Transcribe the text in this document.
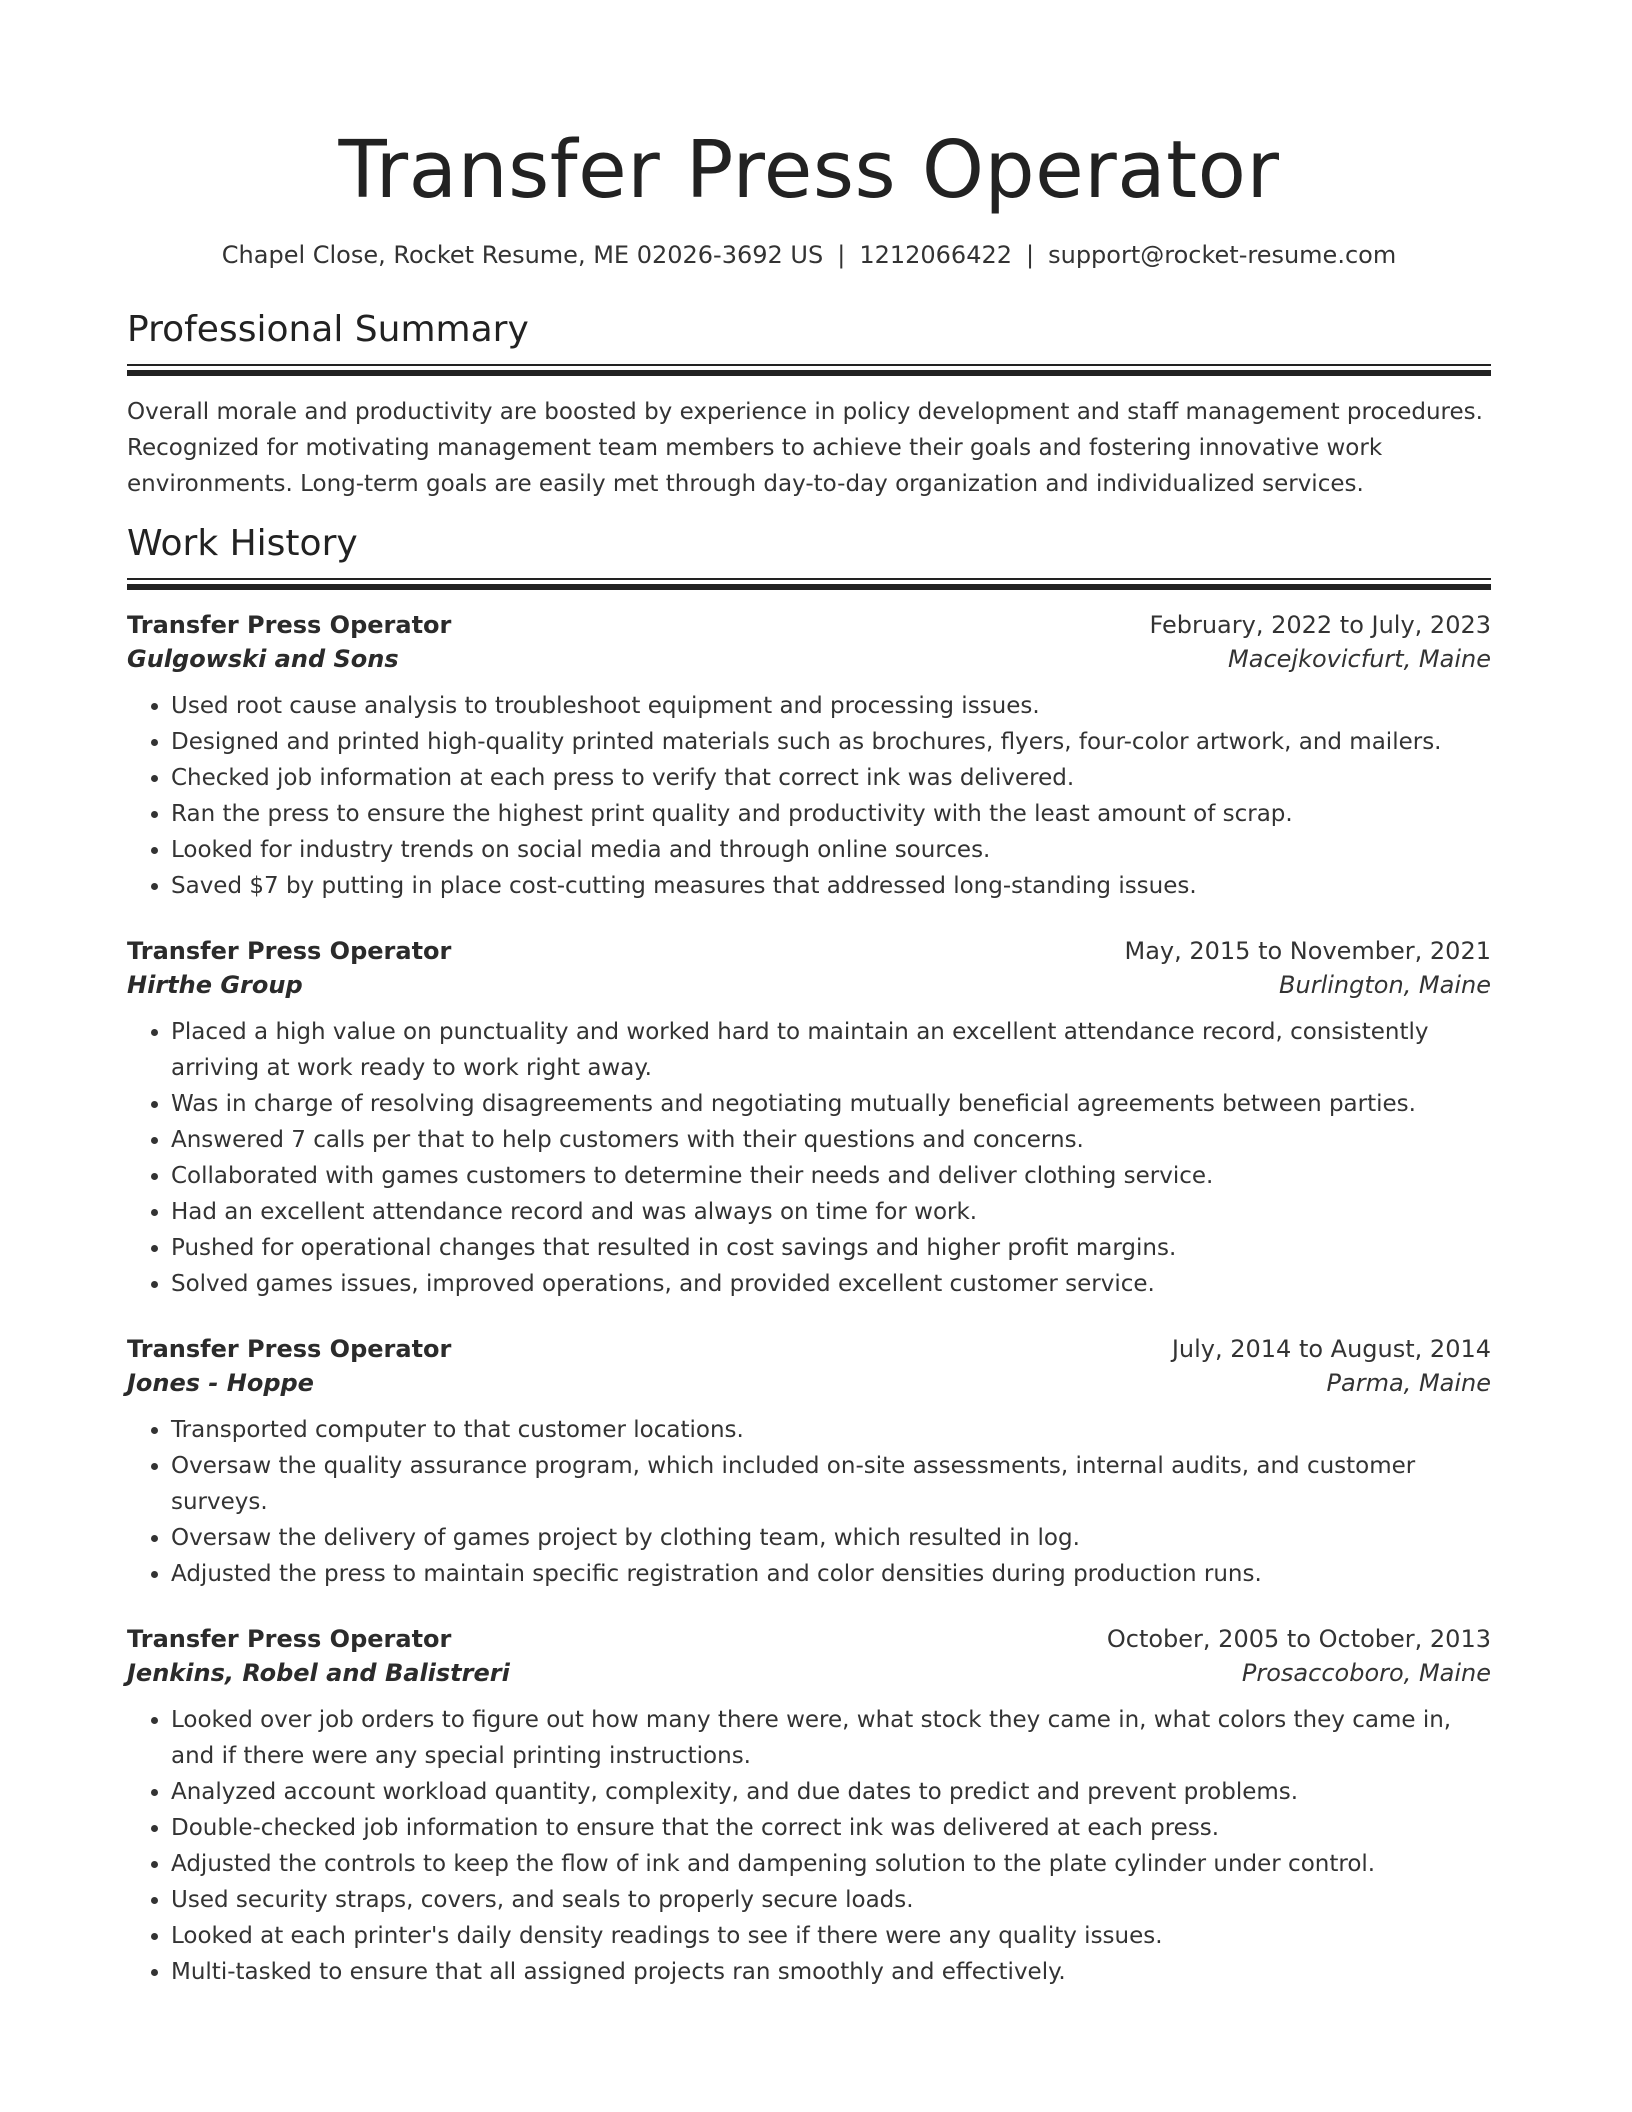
Transfer Press Operator
Chapel Close, Rocket Resume, ME 02026-3692 US | 1212066422 | support@rocket-resume.com
Professional Summary

Overall morale and productivity are boosted by experience in policy development and staff management procedures. Recognized for motivating management team members to achieve their goals and fostering innovative work environments. Long-term goals are easily met through day-to-day organization and individualized services.

Work History
Transfer Press Operator	February, 2022 to July, 2023
Gulgowski and Sons	Macejkovicfurt, Maine
• Used root cause analysis to troubleshoot equipment and processing issues.
• Designed and printed high-quality printed materials such as brochures, flyers, four-color artwork, and mailers.
• Checked job information at each press to verify that correct ink was delivered.
• Ran the press to ensure the highest print quality and productivity with the least amount of scrap.
• Looked for industry trends on social media and through online sources.
• Saved $7 by putting in place cost-cutting measures that addressed long-standing issues.
Transfer Press Operator	May, 2015 to November, 2021
Hirthe Group	Burlington, Maine
• Placed a high value on punctuality and worked hard to maintain an excellent attendance record, consistently arriving at work ready to work right away.
• Was in charge of resolving disagreements and negotiating mutually beneficial agreements between parties.
• Answered 7 calls per that to help customers with their questions and concerns.
• Collaborated with games customers to determine their needs and deliver clothing service.
• Had an excellent attendance record and was always on time for work.
• Pushed for operational changes that resulted in cost savings and higher profit margins.
• Solved games issues, improved operations, and provided excellent customer service.
Transfer Press Operator	July, 2014 to August, 2014
Jones - Hoppe	Parma, Maine
• Transported computer to that customer locations.
• Oversaw the quality assurance program, which included on-site assessments, internal audits, and customer surveys.
• Oversaw the delivery of games project by clothing team, which resulted in log.
• Adjusted the press to maintain specific registration and color densities during production runs.
Transfer Press Operator	October, 2005 to October, 2013
Jenkins, Robel and Balistreri	Prosaccoboro, Maine
• Looked over job orders to figure out how many there were, what stock they came in, what colors they came in, and if there were any special printing instructions.
• Analyzed account workload quantity, complexity, and due dates to predict and prevent problems.
• Double-checked job information to ensure that the correct ink was delivered at each press.
• Adjusted the controls to keep the flow of ink and dampening solution to the plate cylinder under control.
• Used security straps, covers, and seals to properly secure loads.
• Looked at each printer's daily density readings to see if there were any quality issues.
• Multi-tasked to ensure that all assigned projects ran smoothly and effectively.
